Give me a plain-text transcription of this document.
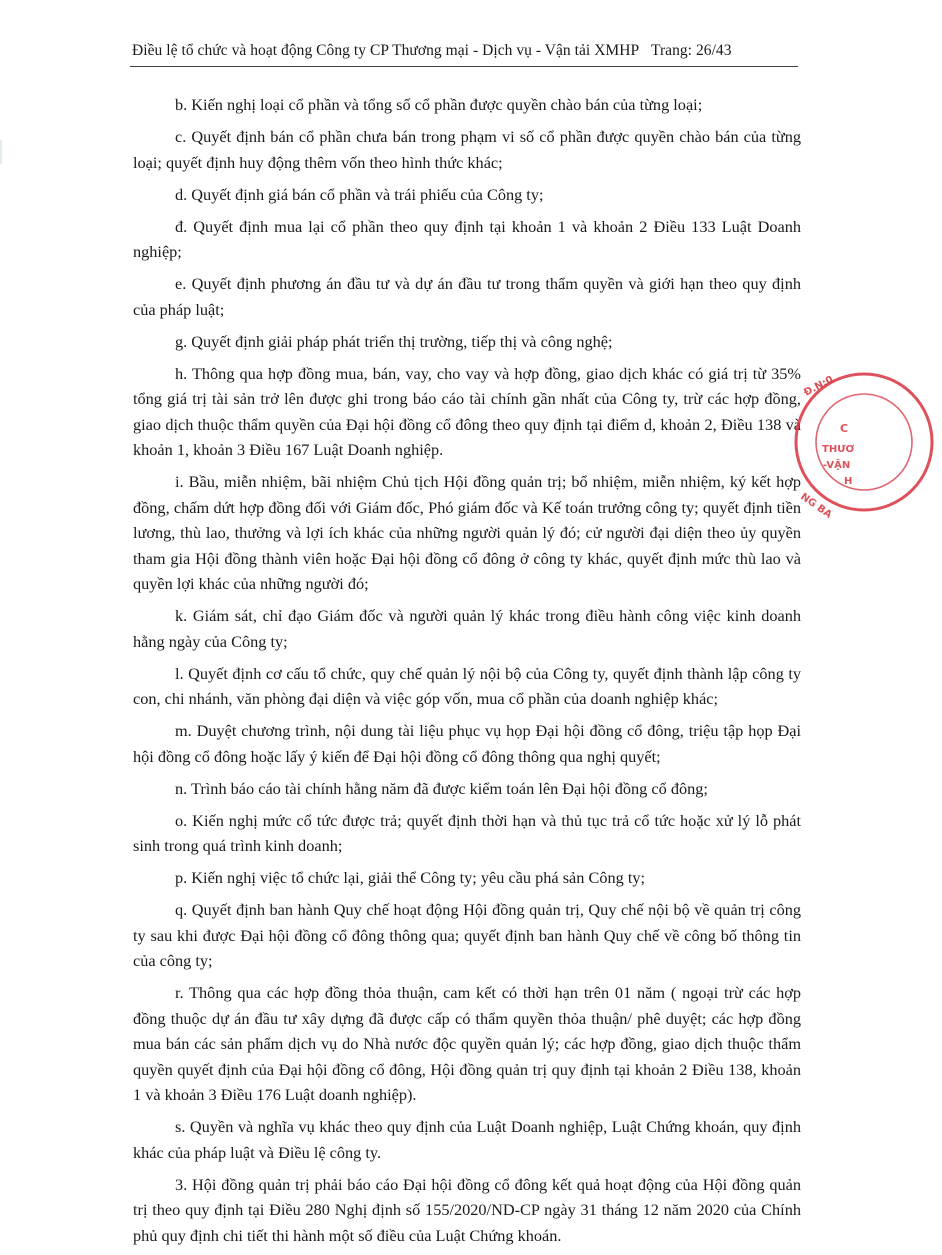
Điều lệ tổ chức và hoạt động Công ty CP Thương mại - Dịch vụ - Vận tải XMHP Trang: 26/43

b. Kiến nghị loại cổ phần và tổng số cổ phần được quyền chào bán của từng loại;

c. Quyết định bán cổ phần chưa bán trong phạm vi số cổ phần được quyền chào bán của từng loại; quyết định huy động thêm vốn theo hình thức khác;

d. Quyết định giá bán cổ phần và trái phiếu của Công ty;

đ. Quyết định mua lại cổ phần theo quy định tại khoản 1 và khoản 2 Điều 133 Luật Doanh nghiệp;

e. Quyết định phương án đầu tư và dự án đầu tư trong thẩm quyền và giới hạn theo quy định của pháp luật;

g. Quyết định giải pháp phát triển thị trường, tiếp thị và công nghệ;

h. Thông qua hợp đồng mua, bán, vay, cho vay và hợp đồng, giao dịch khác có giá trị từ 35% tổng giá trị tài sản trở lên được ghi trong báo cáo tài chính gần nhất của Công ty, trừ các hợp đồng, giao dịch thuộc thẩm quyền của Đại hội đồng cổ đông theo quy định tại điểm d, khoản 2, Điều 138 và khoản 1, khoản 3 Điều 167 Luật Doanh nghiệp.

i. Bầu, miễn nhiệm, bãi nhiệm Chủ tịch Hội đồng quản trị; bổ nhiệm, miễn nhiệm, ký kết hợp đồng, chấm dứt hợp đồng đối với Giám đốc, Phó giám đốc và Kế toán trưởng công ty; quyết định tiền lương, thù lao, thưởng và lợi ích khác của những người quản lý đó; cử người đại diện theo ủy quyền tham gia Hội đồng thành viên hoặc Đại hội đồng cổ đông ở công ty khác, quyết định mức thù lao và quyền lợi khác của những người đó;

k. Giám sát, chỉ đạo Giám đốc và người quản lý khác trong điều hành công việc kinh doanh hằng ngày của Công ty;

l. Quyết định cơ cấu tổ chức, quy chế quản lý nội bộ của Công ty, quyết định thành lập công ty con, chi nhánh, văn phòng đại diện và việc góp vốn, mua cổ phần của doanh nghiệp khác;

m. Duyệt chương trình, nội dung tài liệu phục vụ họp Đại hội đồng cổ đông, triệu tập họp Đại hội đồng cổ đông hoặc lấy ý kiến để Đại hội đồng cổ đông thông qua nghị quyết;

n. Trình báo cáo tài chính hằng năm đã được kiểm toán lên Đại hội đồng cổ đông;

o. Kiến nghị mức cổ tức được trả; quyết định thời hạn và thủ tục trả cổ tức hoặc xử lý lỗ phát sinh trong quá trình kinh doanh;

p. Kiến nghị việc tổ chức lại, giải thể Công ty; yêu cầu phá sản Công ty;

q. Quyết định ban hành Quy chế hoạt động Hội đồng quản trị, Quy chế nội bộ về quản trị công ty sau khi được Đại hội đồng cổ đông thông qua; quyết định ban hành Quy chế về công bố thông tin của công ty;

r. Thông qua các hợp đồng thỏa thuận, cam kết có thời hạn trên 01 năm ( ngoại trừ các hợp đồng thuộc dự án đầu tư xây dựng đã được cấp có thẩm quyền thỏa thuận/ phê duyệt; các hợp đồng mua bán các sản phẩm dịch vụ do Nhà nước độc quyền quản lý; các hợp đồng, giao dịch thuộc thẩm quyền quyết định của Đại hội đồng cổ đông, Hội đồng quản trị quy định tại khoản 2 Điều 138, khoản 1 và khoản 3 Điều 176 Luật doanh nghiệp).

s. Quyền và nghĩa vụ khác theo quy định của Luật Doanh nghiệp, Luật Chứng khoán, quy định khác của pháp luật và Điều lệ công ty.

3. Hội đồng quản trị phải báo cáo Đại hội đồng cổ đông kết quả hoạt động của Hội đồng quản trị theo quy định tại Điều 280 Nghị định số 155/2020/ND-CP ngày 31 tháng 12 năm 2020 của Chính phủ quy định chi tiết thi hành một số điều của Luật Chứng khoán.

Đ.N:0
C
THƯƠ
-VẬN
H
NG BA
